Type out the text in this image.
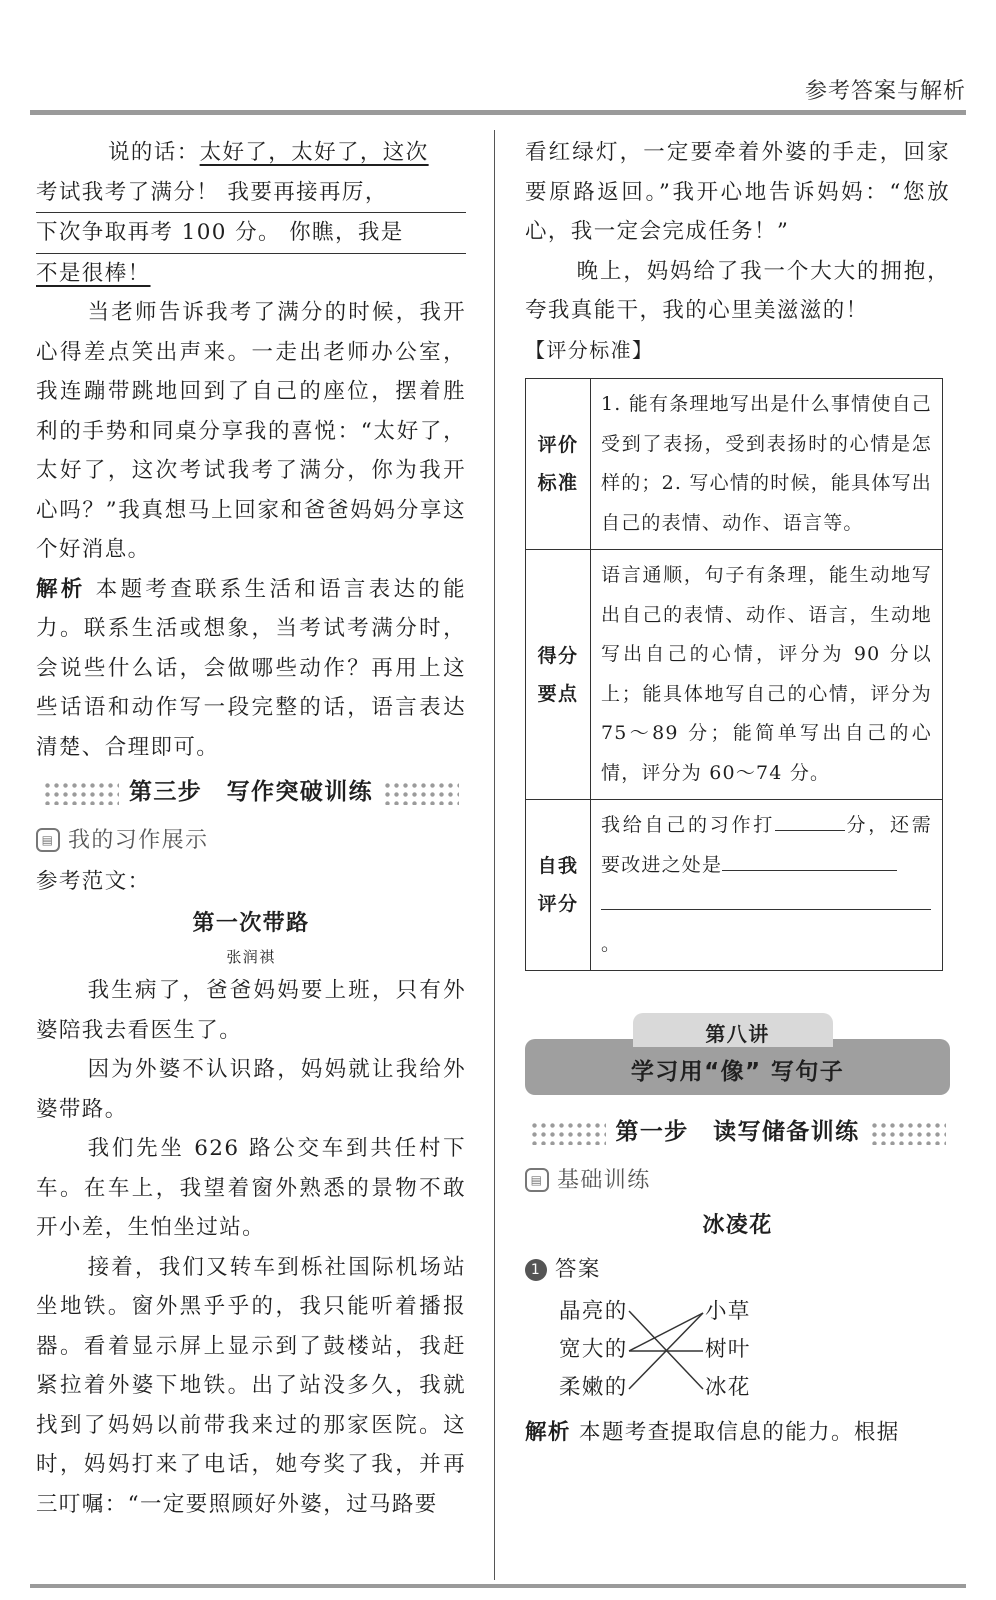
参考答案与解析

说的话：太好了，太好了，这次

考试我考了满分！ 我要再接再厉，
下次争取再考 100 分。 你瞧，我是
不是很棒！

当老师告诉我考了满分的时候，我开心得差点笑出声来。一走出老师办公室，我连蹦带跳地回到了自己的座位，摆着胜利的手势和同桌分享我的喜悦：“太好了，太好了，这次考试我考了满分，你为我开心吗？”我真想马上回家和爸爸妈妈分享这个好消息。

解析 本题考查联系生活和语言表达的能力。联系生活或想象，当考试考满分时，会说些什么话，会做哪些动作？再用上这些话语和动作写一段完整的话，语言表达清楚、合理即可。

第三步　写作突破训练
▤ 我的习作展示

参考范文：

第一次带路
张润祺

我生病了，爸爸妈妈要上班，只有外婆陪我去看医生了。

因为外婆不认识路，妈妈就让我给外婆带路。

我们先坐 626 路公交车到共任村下车。在车上，我望着窗外熟悉的景物不敢开小差，生怕坐过站。

接着，我们又转车到栎社国际机场站坐地铁。窗外黑乎乎的，我只能听着播报器。看着显示屏上显示到了鼓楼站，我赶紧拉着外婆下地铁。出了站没多久，我就找到了妈妈以前带我来过的那家医院。这时，妈妈打来了电话，她夸奖了我，并再三叮嘱：“一定要照顾好外婆，过马路要

看红绿灯，一定要牵着外婆的手走，回家要原路返回。”我开心地告诉妈妈：“您放心，我一定会完成任务！”

晚上，妈妈给了我一个大大的拥抱，夸我真能干，我的心里美滋滋的！

【评分标准】

评价标准	1. 能有条理地写出是什么事情使自己受到了表扬，受到表扬时的心情是怎样的；2. 写心情的时候，能具体写出自己的表情、动作、语言等。
得分要点	语言通顺，句子有条理，能生动地写出自己的表情、动作、语言，生动地写出自己的心情，评分为 90 分以上；能具体地写自己的心情，评分为 75～89 分；能简单写出自己的心情，评分为 60～74 分。
自我评分	我给自己的习作打 分，还需要改进之处是
。
第八讲
学习用“像” 写句子
第一步　读写储备训练
▤ 基础训练
冰凌花

1 答案

晶亮的
宽大的
柔嫩的
小草
树叶
冰花

解析 本题考查提取信息的能力。根据
